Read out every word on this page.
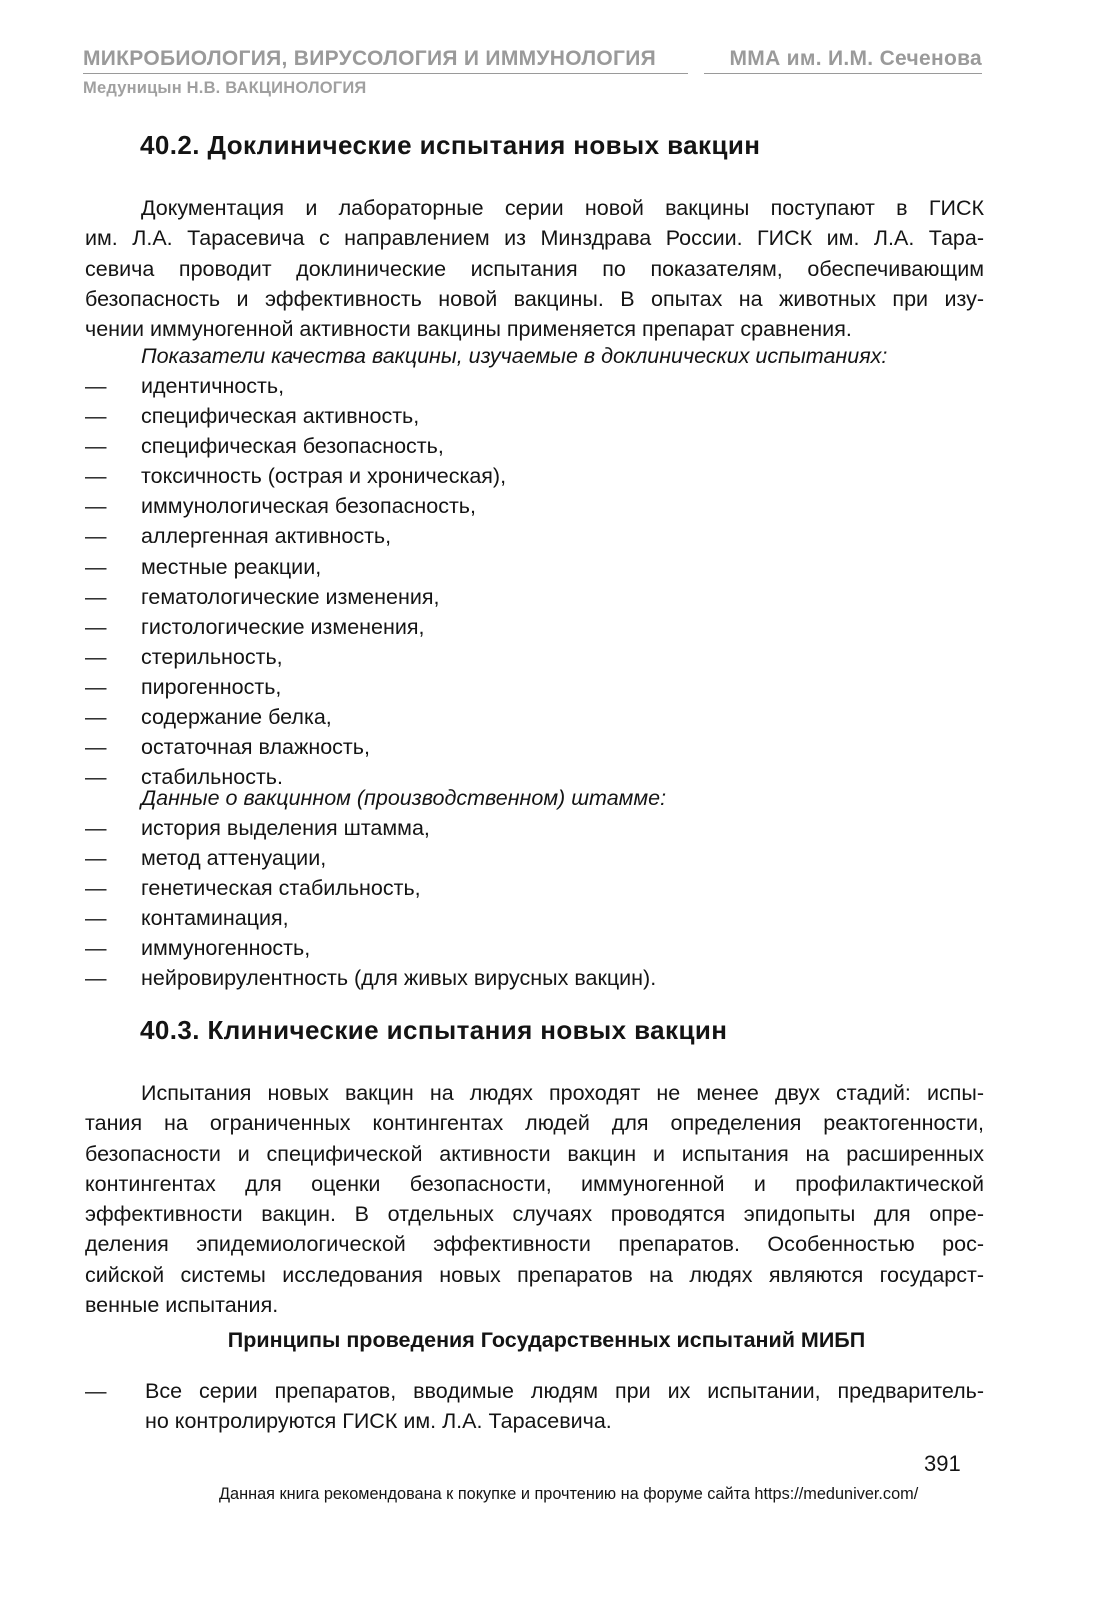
МИКРОБИОЛОГИЯ, ВИРУСОЛОГИЯ И ИММУНОЛОГИЯ	ММА им. И.М. Сеченова
Медуницын Н.В. ВАКЦИНОЛОГИЯ
40.2. Доклинические испытания новых вакцин
Документация и лабораторные серии новой вакцины поступают в ГИСК
им. Л.А. Тарасевича с направлением из Минздрава России. ГИСК им. Л.А. Тара-
севича проводит доклинические испытания по показателям, обеспечивающим
безопасность и эффективность новой вакцины. В опытах на животных при изу-
чении иммуногенной активности вакцины применяется препарат сравнения.
Показатели качества вакцины, изучаемые в доклинических испытаниях:
— идентичность,
— специфическая активность,
— специфическая безопасность,
— токсичность (острая и хроническая),
— иммунологическая безопасность,
— аллергенная активность,
— местные реакции,
— гематологические изменения,
— гистологические изменения,
— стерильность,
— пирогенность,
— содержание белка,
— остаточная влажность,
— стабильность.
Данные о вакцинном (производственном) штамме:
— история выделения штамма,
— метод аттенуации,
— генетическая стабильность,
— контаминация,
— иммуногенность,
— нейровирулентность (для живых вирусных вакцин).
40.3. Клинические испытания новых вакцин
Испытания новых вакцин на людях проходят не менее двух стадий: испы-
тания на ограниченных контингентах людей для определения реактогенности,
безопасности и специфической активности вакцин и испытания на расширенных
контингентах для оценки безопасности, иммуногенной и профилактической
эффективности вакцин. В отдельных случаях проводятся эпидопыты для опре-
деления эпидемиологической эффективности препаратов. Особенностью рос-
сийской системы исследования новых препаратов на людях являются государст-
венные испытания.
Принципы проведения Государственных испытаний МИБП
— Все серии препаратов, вводимые людям при их испытании, предваритель-
но контролируются ГИСК им. Л.А. Тарасевича.
391
Данная книга рекомендована к покупке и прочтению на форуме сайта https://meduniver.com/
